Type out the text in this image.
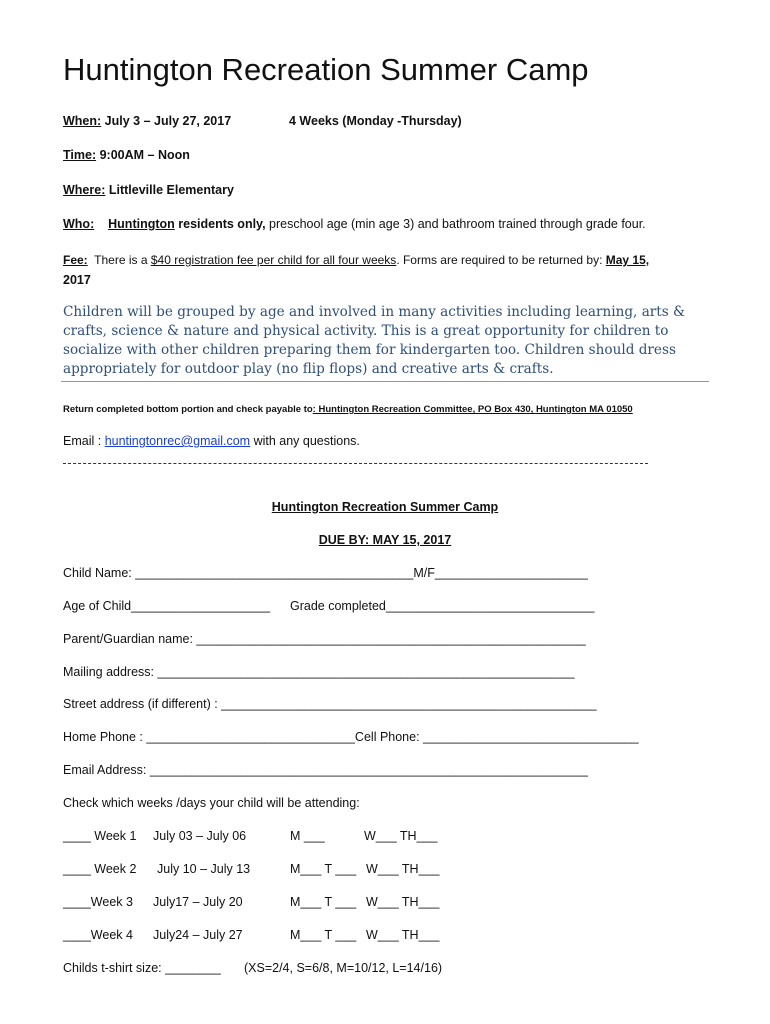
Huntington Recreation Summer Camp
When: July 3 – July 27, 2017	4 Weeks (Monday -Thursday)
Time: 9:00AM – Noon
Where: Littleville Elementary
Who: Huntington residents only, preschool age (min age 3) and bathroom trained through grade four.
Fee: There is a $40 registration fee per child for all four weeks. Forms are required to be returned by: May 15,
2017
Children will be grouped by age and involved in many activities including learning, arts & crafts, science & nature and physical activity. This is a great opportunity for children to socialize with other children preparing them for kindergarten too. Children should dress appropriately for outdoor play (no flip flops) and creative arts & crafts.
Return completed bottom portion and check payable to: Huntington Recreation Committee, PO Box 430, Huntington MA 01050
Email : huntingtonrec@gmail.com with any questions.
Huntington Recreation Summer Camp
DUE BY: MAY 15, 2017
Child Name: ________________________________________M/F______________________
Age of Child____________________ Grade completed______________________________
Parent/Guardian name: ________________________________________________________
Mailing address: ____________________________________________________________
Street address (if different) : ______________________________________________________
Home Phone : ______________________________Cell Phone: _______________________________
Email Address: _______________________________________________________________
Check which weeks /days your child will be attending:
____ Week 1 July 03 – July 06	M ___	W___ TH___
____ Week 2 July 10 – July 13	M___ T ___ W___ TH___
____Week 3 July17 – July 20	M___ T ___ W___ TH___
____Week 4 July24 – July 27	M___ T ___ W___ TH___
Childs t-shirt size: ________ (XS=2/4, S=6/8, M=10/12, L=14/16)
